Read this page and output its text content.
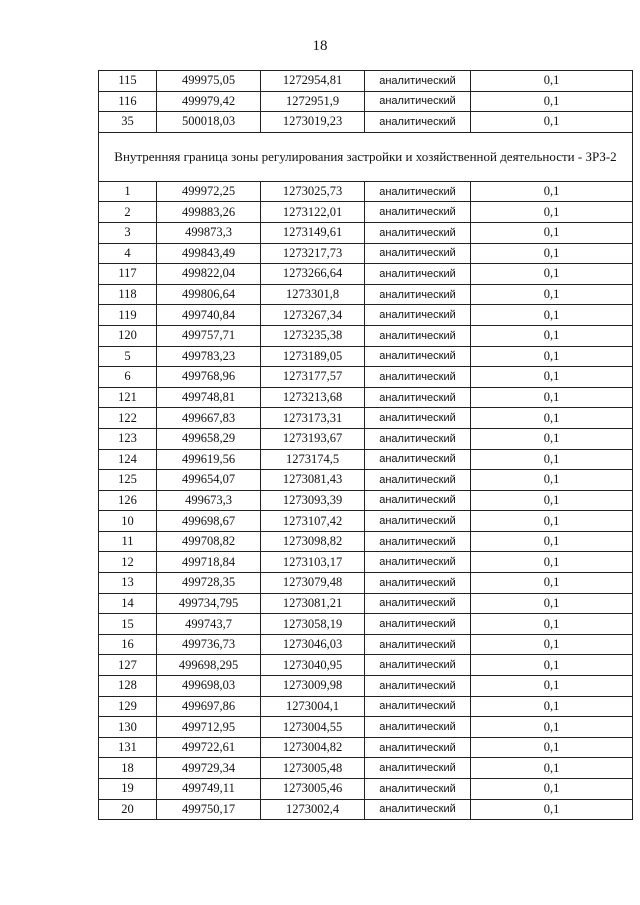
18
115	499975,05	1272954,81	аналитический	0,1
116	499979,42	1272951,9	аналитический	0,1
35	500018,03	1273019,23	аналитический	0,1
Внутренняя граница зоны регулирования застройки и хозяйственной деятельности - ЗРЗ-2				
1	499972,25	1273025,73	аналитический	0,1
2	499883,26	1273122,01	аналитический	0,1
3	499873,3	1273149,61	аналитический	0,1
4	499843,49	1273217,73	аналитический	0,1
117	499822,04	1273266,64	аналитический	0,1
118	499806,64	1273301,8	аналитический	0,1
119	499740,84	1273267,34	аналитический	0,1
120	499757,71	1273235,38	аналитический	0,1
5	499783,23	1273189,05	аналитический	0,1
6	499768,96	1273177,57	аналитический	0,1
121	499748,81	1273213,68	аналитический	0,1
122	499667,83	1273173,31	аналитический	0,1
123	499658,29	1273193,67	аналитический	0,1
124	499619,56	1273174,5	аналитический	0,1
125	499654,07	1273081,43	аналитический	0,1
126	499673,3	1273093,39	аналитический	0,1
10	499698,67	1273107,42	аналитический	0,1
11	499708,82	1273098,82	аналитический	0,1
12	499718,84	1273103,17	аналитический	0,1
13	499728,35	1273079,48	аналитический	0,1
14	499734,795	1273081,21	аналитический	0,1
15	499743,7	1273058,19	аналитический	0,1
16	499736,73	1273046,03	аналитический	0,1
127	499698,295	1273040,95	аналитический	0,1
128	499698,03	1273009,98	аналитический	0,1
129	499697,86	1273004,1	аналитический	0,1
130	499712,95	1273004,55	аналитический	0,1
131	499722,61	1273004,82	аналитический	0,1
18	499729,34	1273005,48	аналитический	0,1
19	499749,11	1273005,46	аналитический	0,1
20	499750,17	1273002,4	аналитический	0,1
